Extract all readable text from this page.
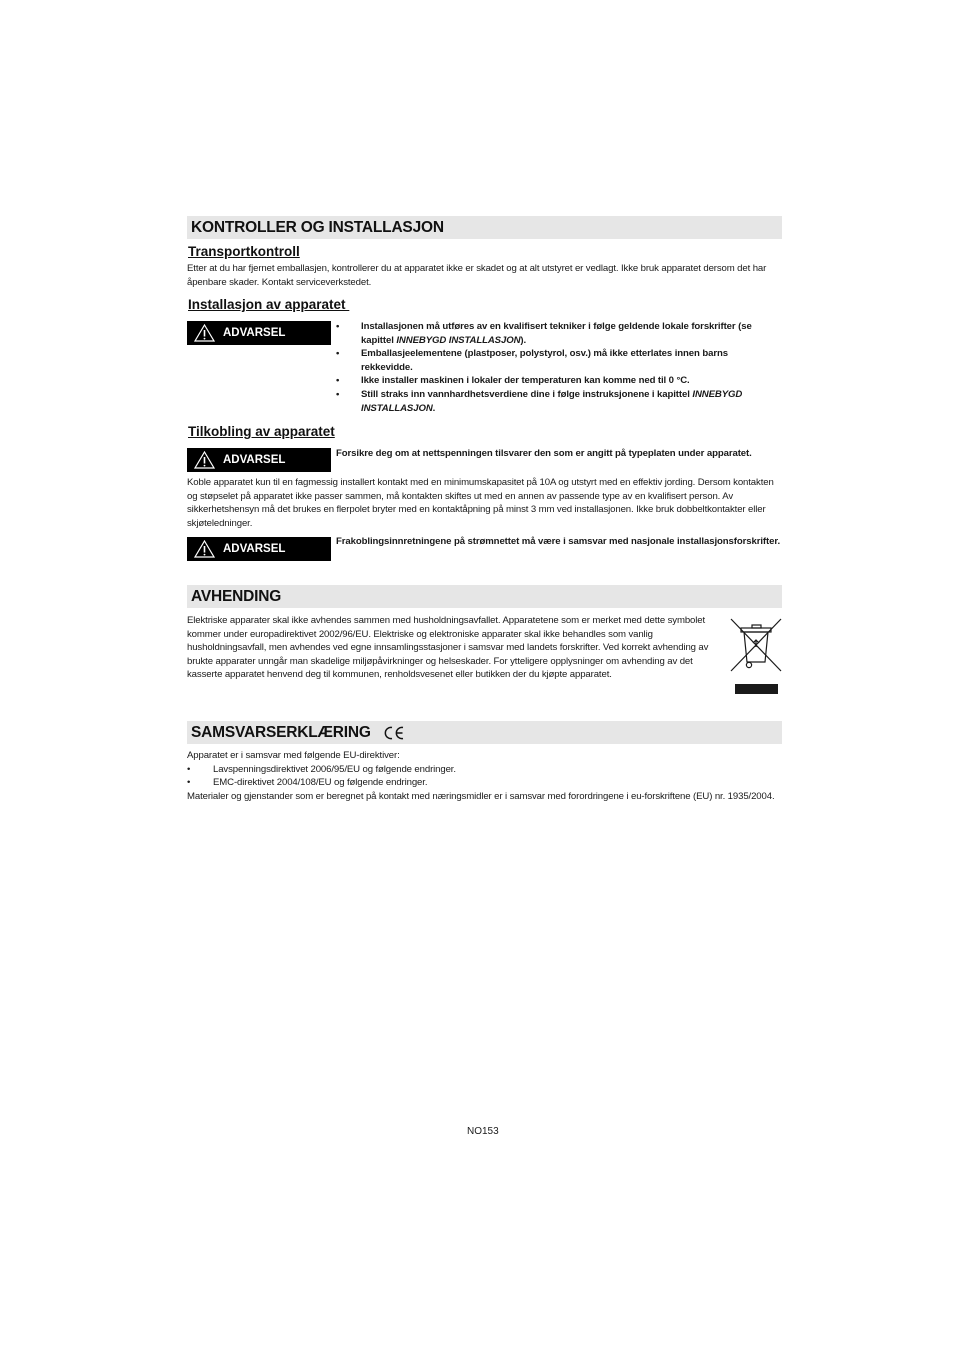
KONTROLLER OG INSTALLASJON
Transportkontroll

Etter at du har fjernet emballasjen, kontrollerer du at apparatet ikke er skadet og at alt utstyret er vedlagt. Ikke bruk apparatet dersom det har åpenbare skader. Kontakt serviceverkstedet.

Installasjon av apparatet
ADVARSEL
• Installasjonen må utføres av en kvalifisert tekniker i følge geldende lokale forskrifter (se kapittel INNEBYGD INSTALLASJON).
• Emballasjeelementene (plastposer, polystyrol, osv.) må ikke etterlates innen barns rekkevidde.
• Ikke installer maskinen i lokaler der temperaturen kan komme ned til 0 °C.
• Still straks inn vannhardhetsverdiene dine i følge instruksjonene i kapittel INNEBYGD INSTALLASJON.
Tilkobling av apparatet
ADVARSEL
Forsikre deg om at nettspenningen tilsvarer den som er angitt på typeplaten under apparatet.

Koble apparatet kun til en fagmessig installert kontakt med en minimumskapasitet på 10A og utstyrt med en effektiv jording. Dersom kontakten og støpselet på apparatet ikke passer sammen, må kontakten skiftes ut med en annen av passende type av en kvalifisert person. Av sikkerhetshensyn må det brukes en flerpolet bryter med en kontaktåpning på minst 3 mm ved installasjonen. Ikke bruk dobbeltkontakter eller skjøteledninger.

ADVARSEL
Frakoblingsinnretningene på strømnettet må være i samsvar med nasjonale installasjonsforskrifter.
AVHENDING

Elektriske apparater skal ikke avhendes sammen med husholdningsavfallet. Apparatetene som er merket med dette symbolet kommer under europadirektivet 2002/96/EU. Elektriske og elektroniske apparater skal ikke behandles som vanlig husholdningsavfall, men avhendes ved egne innsamlingsstasjoner i samsvar med landets forskrifter. Ved korrekt avhending av brukte apparater unngår man skadelige miljøpåvirkninger og helseskader. For ytteligere opplysninger om avhending av det kasserte apparatet henvend deg til kommunen, renholdsvesenet eller butikken der du kjøpte apparatet.

SAMSVARSERKLÆRING

Apparatet er i samsvar med følgende EU-direktiver:

• Lavspenningsdirektivet 2006/95/EU og følgende endringer.
• EMC-direktivet 2004/108/EU og følgende endringer.

Materialer og gjenstander som er beregnet på kontakt med næringsmidler er i samsvar med forordringene i eu-forskriftene (EU) nr. 1935/2004.

NO153
